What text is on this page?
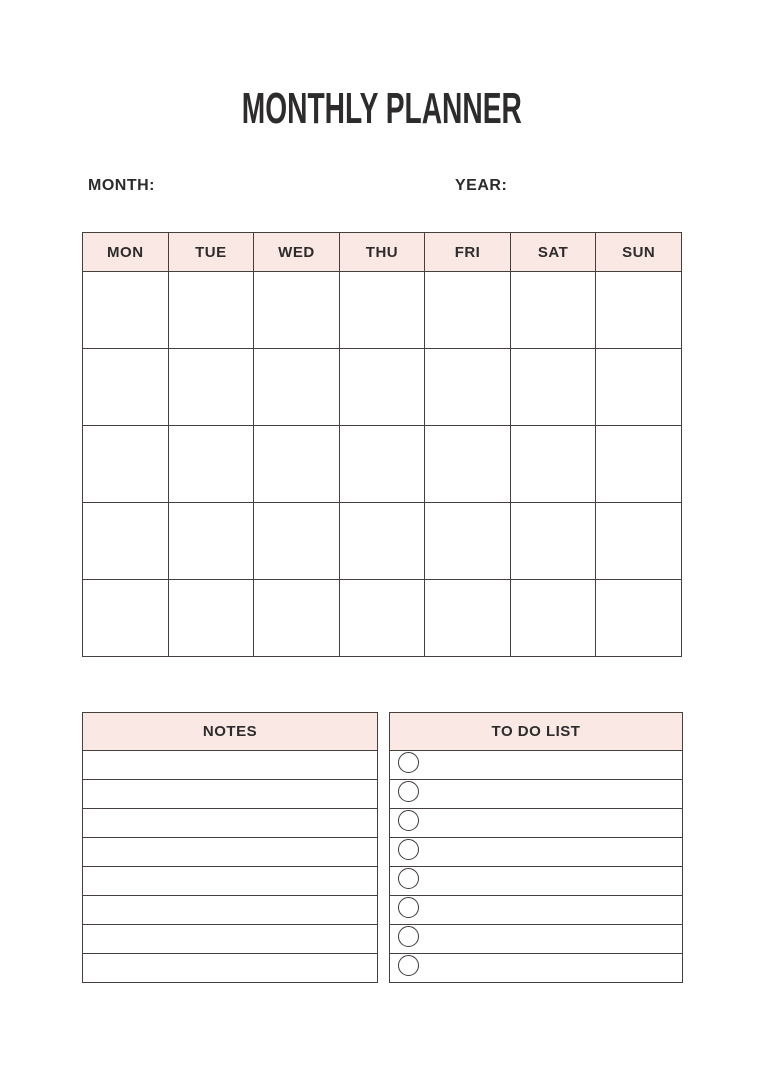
MONTHLY PLANNER
MONTH:	YEAR:
MON	TUE	WED	THU	FRI	SAT	SUN

NOTES	TO DO LIST
